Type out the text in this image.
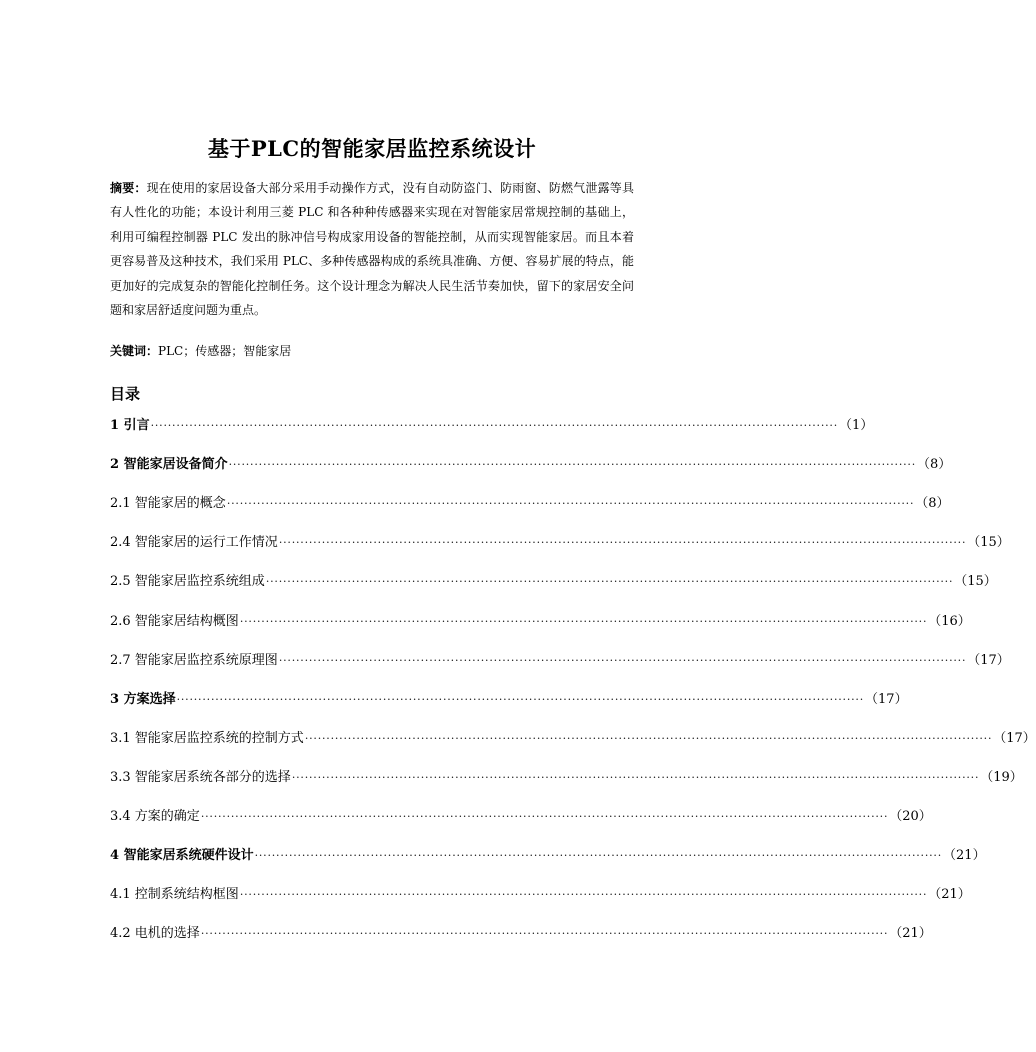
基于PLC的智能家居监控系统设计
摘要：现在使用的家居设备大部分采用手动操作方式，没有自动防盗门、防雨窗、防燃气泄露等具有人性化的功能；本设计利用三菱 PLC 和各种种传感器来实现在对智能家居常规控制的基础上，利用可编程控制器 PLC 发出的脉冲信号构成家用设备的智能控制，从而实现智能家居。而且本着更容易普及这种技术，我们采用 PLC、多种传感器构成的系统具准确、方便、容易扩展的特点，能更加好的完成复杂的智能化控制任务。这个设计理念为解决人民生活节奏加快，留下的家居安全问题和家居舒适度问题为重点。
关键词：PLC；传感器；智能家居
目录
1 引言 ································································································································································ （1）
2 智能家居设备简介 ································································································································································ （8）
2.1 智能家居的概念 ································································································································································ （8）
2.4 智能家居的运行工作情况 ································································································································································ （15）
2.5 智能家居监控系统组成 ································································································································································ （15）
2.6 智能家居结构概图 ································································································································································ （16）
2.7 智能家居监控系统原理图 ································································································································································ （17）
3 方案选择 ································································································································································ （17）
3.1 智能家居监控系统的控制方式 ································································································································································ （17）
3.3 智能家居系统各部分的选择 ································································································································································ （19）
3.4 方案的确定 ································································································································································ （20）
4 智能家居系统硬件设计 ································································································································································ （21）
4.1 控制系统结构框图 ································································································································································ （21）
4.2 电机的选择 ································································································································································ （21）
